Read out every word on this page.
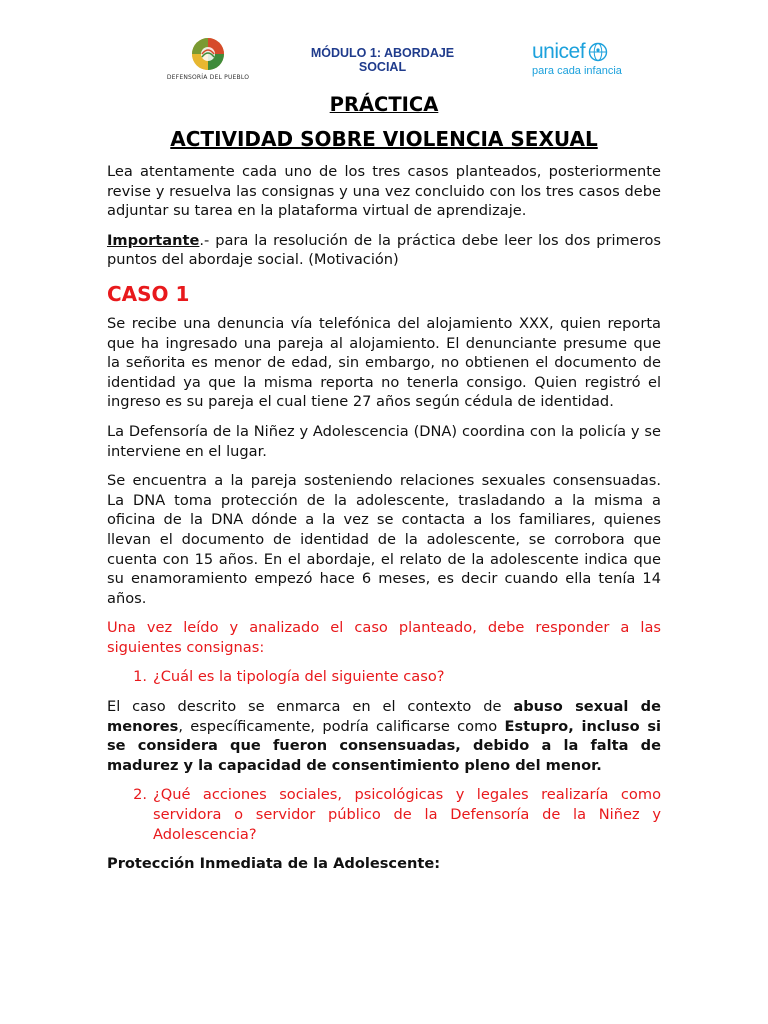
DEFENSORÍA DEL PUEBLO
MÓDULO 1: ABORDAJE SOCIAL
unicef
para cada infancia
PRÁCTICA
ACTIVIDAD SOBRE VIOLENCIA SEXUAL

Lea atentamente cada uno de los tres casos planteados, posteriormente revise y resuelva las consignas y una vez concluido con los tres casos debe adjuntar su tarea en la plataforma virtual de aprendizaje.

Importante.- para la resolución de la práctica debe leer los dos primeros puntos del abordaje social. (Motivación)

CASO 1

Se recibe una denuncia vía telefónica del alojamiento XXX, quien reporta que ha ingresado una pareja al alojamiento. El denunciante presume que la señorita es menor de edad, sin embargo, no obtienen el documento de identidad ya que la misma reporta no tenerla consigo. Quien registró el ingreso es su pareja el cual tiene 27 años según cédula de identidad.

La Defensoría de la Niñez y Adolescencia (DNA) coordina con la policía y se interviene en el lugar.

Se encuentra a la pareja sosteniendo relaciones sexuales consensuadas. La DNA toma protección de la adolescente, trasladando a la misma a oficina de la DNA dónde a la vez se contacta a los familiares, quienes llevan el documento de identidad de la adolescente, se corrobora que cuenta con 15 años. En el abordaje, el relato de la adolescente indica que su enamoramiento empezó hace 6 meses, es decir cuando ella tenía 14 años.

Una vez leído y analizado el caso planteado, debe responder a las siguientes consignas:

1. ¿Cuál es la tipología del siguiente caso?

El caso descrito se enmarca en el contexto de abuso sexual de menores, específicamente, podría calificarse como Estupro, incluso si se considera que fueron consensuadas, debido a la falta de madurez y la capacidad de consentimiento pleno del menor.

2. ¿Qué acciones sociales, psicológicas y legales realizaría como servidora o servidor público de la Defensoría de la Niñez y Adolescencia?
Protección Inmediata de la Adolescente:
